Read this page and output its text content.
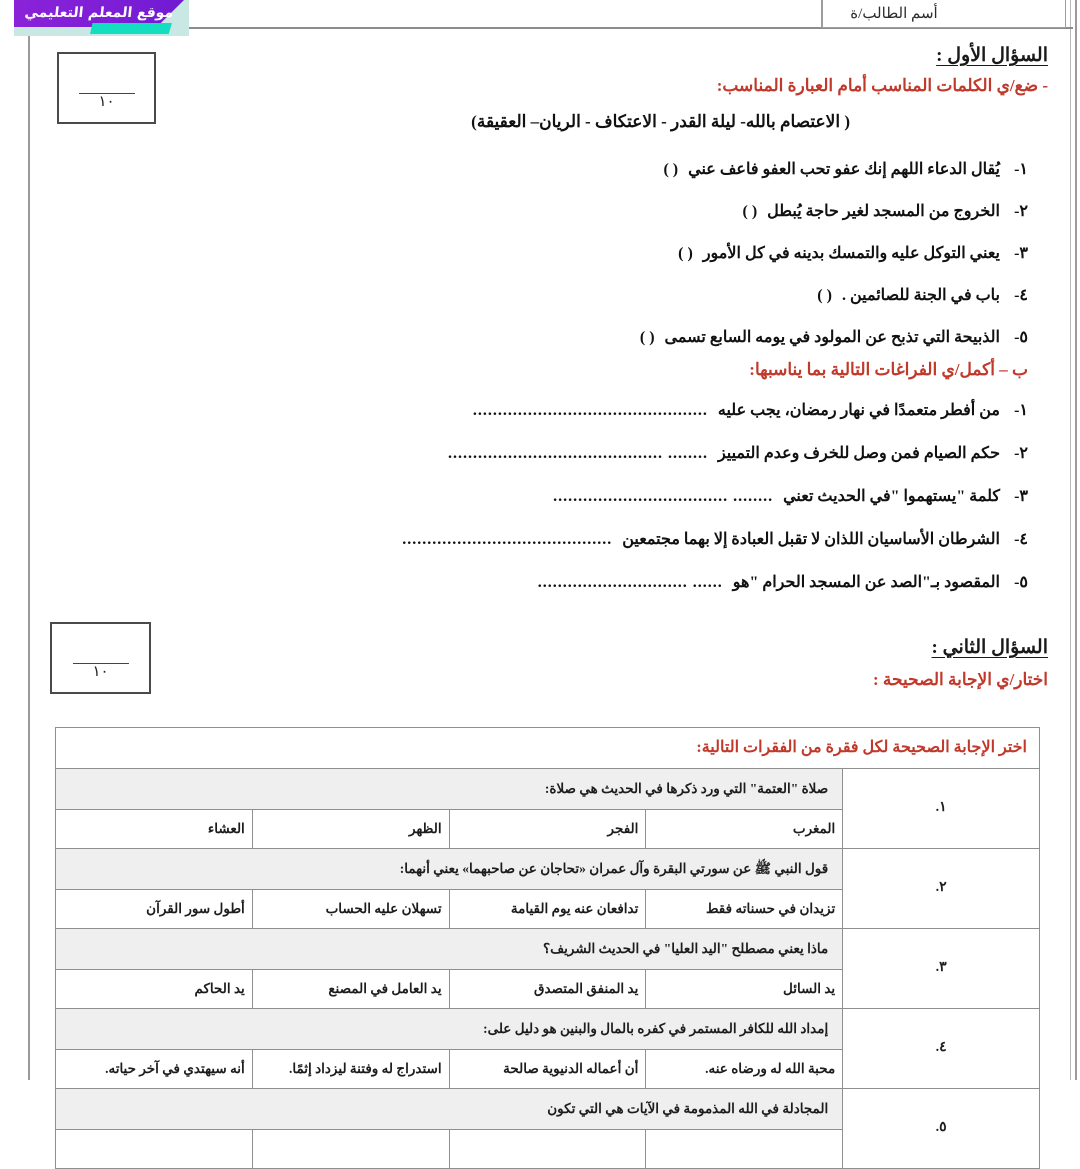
أسم الطالب/ة
موقع المعلم التعليمي
١٠
١٠
السؤال الأول :
- ضع/ي الكلمات المناسب أمام العبارة المناسب:
( الاعتصام بالله- ليلة القدر - الاعتكاف - الريان– العقيقة)
١-
يُقال الدعاء اللهم إنك عفو تحب العفو فاعف عني
( )
٢-
الخروج من المسجد لغير حاجة يُبطل
( )
٣-
يعني التوكل عليه والتمسك بدينه في كل الأمور
( )
٤-
باب في الجنة للصائمين .
( )
٥-
الذبيحة التي تذبح عن المولود في يومه السابع تسمى
( )
ب – أكمل/ي الفراغات التالية بما يناسبها:
١-
من أفطر متعمدًا في نهار رمضان، يجب عليه
...............................................
٢-
حكم الصيام فمن وصل للخرف وعدم التمييز
........ ...........................................
٣-
كلمة "يستهموا "في الحديث تعني
........ ...................................
٤-
الشرطان الأساسيان اللذان لا تقبل العبادة إلا بهما مجتمعين
..........................................
٥-
المقصود بـ"الصد عن المسجد الحرام "هو
...... ..............................
السؤال الثاني :
اختار/ي الإجابة الصحيحة :
اختر الإجابة الصحيحة لكل فقرة من الفقرات التالية:				
١.	صلاة "العتمة" التي ورد ذكرها في الحديث هي صلاة:			
	المغرب	الفجر	الظهر	العشاء
٢.	قول النبي ﷺ عن سورتي البقرة وآل عمران «تحاجان عن صاحبهما» يعني أنهما:			
	تزيدان في حسناته فقط	تدافعان عنه يوم القيامة	تسهلان عليه الحساب	أطول سور القرآن
٣.	ماذا يعني مصطلح "اليد العليا" في الحديث الشريف؟			
	يد السائل	يد المنفق المتصدق	يد العامل في المصنع	يد الحاكم
٤.	إمداد الله للكافر المستمر في كفره بالمال والبنين هو دليل على:			
	محبة الله له ورضاه عنه.	أن أعماله الدنيوية صالحة	استدراج له وفتنة ليزداد إثمًا.	أنه سيهتدي في آخر حياته.
٥.	المجادلة في الله المذمومة في الآيات هي التي تكون			
